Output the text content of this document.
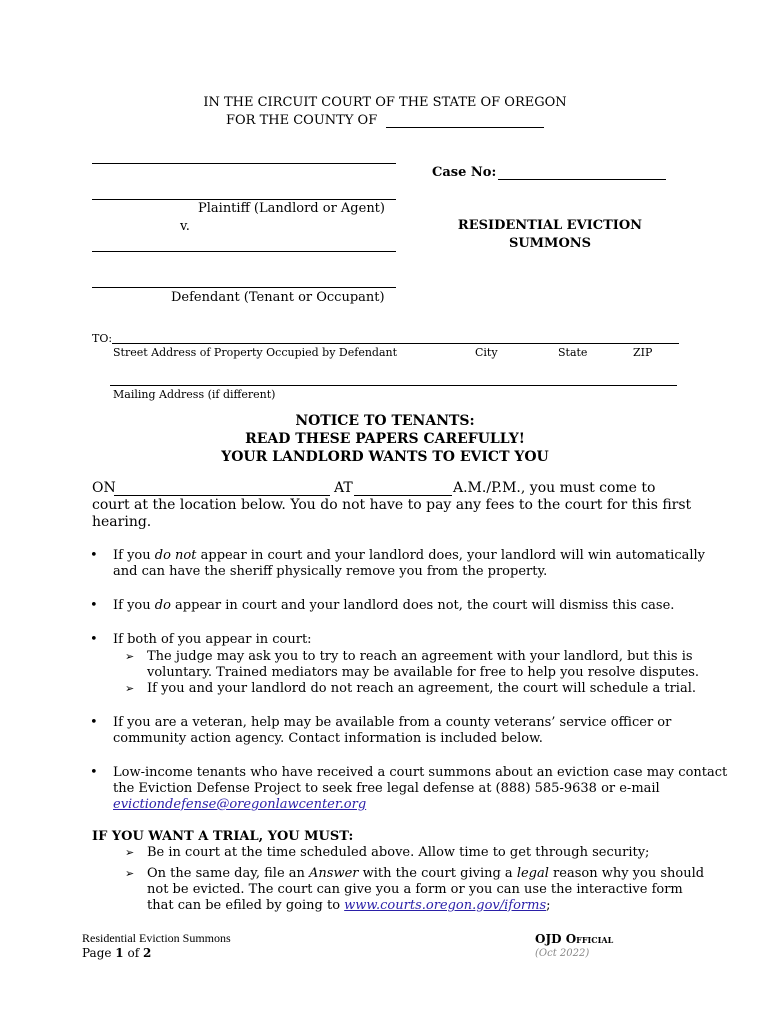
IN THE CIRCUIT COURT OF THE STATE OF OREGON
FOR THE COUNTY OF
Plaintiff (Landlord or Agent)
v.
Defendant (Tenant or Occupant)
Case No:
RESIDENTIAL EVICTION
SUMMONS
TO:
Street Address of Property Occupied by Defendant	City	State	ZIP
Mailing Address (if different)
NOTICE TO TENANTS:
READ THESE PAPERS CAREFULLY!
YOUR LANDLORD WANTS TO EVICT YOU
ON	AT	A.M./P.M., you must come to
court at the location below. You do not have to pay any fees to the court for this first
hearing.
• If you do not appear in court and your landlord does, your landlord will win automatically
and can have the sheriff physically remove you from the property.
• If you do appear in court and your landlord does not, the court will dismiss this case.
• If both of you appear in court:
➢ The judge may ask you to try to reach an agreement with your landlord, but this is
voluntary. Trained mediators may be available for free to help you resolve disputes.
➢ If you and your landlord do not reach an agreement, the court will schedule a trial.
• If you are a veteran, help may be available from a county veterans’ service officer or
community action agency. Contact information is included below.
• Low-income tenants who have received a court summons about an eviction case may contact
the Eviction Defense Project to seek free legal defense at (888) 585-9638 or e-mail
evictiondefense@oregonlawcenter.org
IF YOU WANT A TRIAL, YOU MUST:
➢ Be in court at the time scheduled above. Allow time to get through security;
➢ On the same day, file an Answer with the court giving a legal reason why you should
not be evicted. The court can give you a form or you can use the interactive form
that can be efiled by going to www.courts.oregon.gov/iforms;
Residential Eviction Summons
Page 1 of 2
OJD Official
(Oct 2022)
